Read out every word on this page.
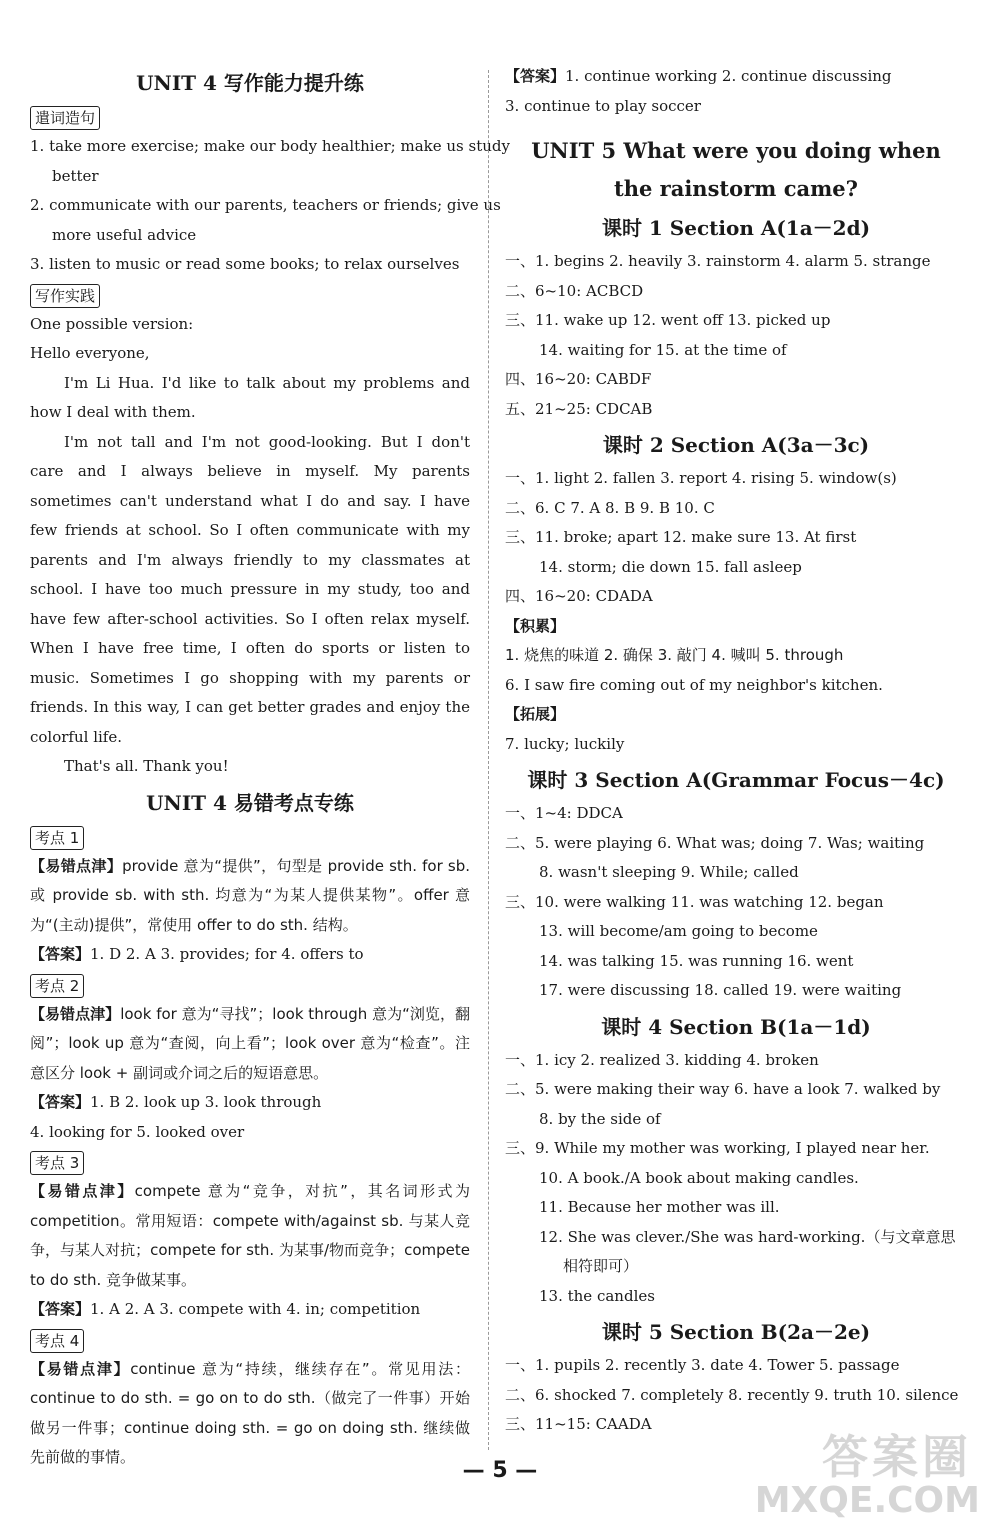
UNIT 4 写作能力提升练
遣词造句
1. take more exercise; make our body healthier; make us study
better
2. communicate with our parents, teachers or friends; give us
more useful advice
3. listen to music or read some books; to relax ourselves
写作实践
One possible version:
Hello everyone,
I'm Li Hua. I'd like to talk about my problems and how I deal with them.
I'm not tall and I'm not good-looking. But I don't care and I always believe in myself. My parents sometimes can't understand what I do and say. I have few friends at school. So I often communicate with my parents and I'm always friendly to my classmates at school. I have too much pressure in my study, too and have few after-school activities. So I often relax myself. When I have free time, I often do sports or listen to music. Sometimes I go shopping with my parents or friends. In this way, I can get better grades and enjoy the colorful life.
That's all. Thank you!
UNIT 4 易错考点专练
考点 1
【易错点津】provide 意为“提供”，句型是 provide sth. for sb. 或 provide sb. with sth. 均意为“为某人提供某物”。offer 意为“(主动)提供”，常使用 offer to do sth. 结构。
【答案】1. D 2. A 3. provides; for 4. offers to
考点 2
【易错点津】look for 意为“寻找”；look through 意为“浏览，翻阅”；look up 意为“查阅，向上看”；look over 意为“检查”。注意区分 look + 副词或介词之后的短语意思。
【答案】1. B 2. look up 3. look through
4. looking for 5. looked over
考点 3
【易错点津】compete 意为“竞争，对抗”，其名词形式为 competition。常用短语：compete with/against sb. 与某人竞争，与某人对抗；compete for sth. 为某事/物而竞争；compete to do sth. 竞争做某事。
【答案】1. A 2. A 3. compete with 4. in; competition
考点 4
【易错点津】continue 意为“持续，继续存在”。常见用法：continue to do sth. = go on to do sth.（做完了一件事）开始做另一件事；continue doing sth. = go on doing sth. 继续做先前做的事情。
【答案】1. continue working 2. continue discussing
3. continue to play soccer
UNIT 5 What were you doing when
the rainstorm came?
课时 1 Section A(1a－2d)
一、1. begins 2. heavily 3. rainstorm 4. alarm 5. strange
二、6~10: ACBCD
三、11. wake up 12. went off 13. picked up
14. waiting for 15. at the time of
四、16~20: CABDF
五、21~25: CDCAB
课时 2 Section A(3a－3c)
一、1. light 2. fallen 3. report 4. rising 5. window(s)
二、6. C 7. A 8. B 9. B 10. C
三、11. broke; apart 12. make sure 13. At first
14. storm; die down 15. fall asleep
四、16~20: CDADA
【积累】
1. 烧焦的味道 2. 确保 3. 敲门 4. 喊叫 5. through
6. I saw fire coming out of my neighbor's kitchen.
【拓展】
7. lucky; luckily
课时 3 Section A(Grammar Focus－4c)
一、1~4: DDCA
二、5. were playing 6. What was; doing 7. Was; waiting
8. wasn't sleeping 9. While; called
三、10. were walking 11. was watching 12. began
13. will become/am going to become
14. was talking 15. was running 16. went
17. were discussing 18. called 19. were waiting
课时 4 Section B(1a－1d)
一、1. icy 2. realized 3. kidding 4. broken
二、5. were making their way 6. have a look 7. walked by
8. by the side of
三、9. While my mother was working, I played near her.
10. A book./A book about making candles.
11. Because her mother was ill.
12. She was clever./She was hard-working.（与文章意思
相符即可）
13. the candles
课时 5 Section B(2a－2e)
一、1. pupils 2. recently 3. date 4. Tower 5. passage
二、6. shocked 7. completely 8. recently 9. truth 10. silence
三、11~15: CAADA
— 5 —	答案圈
MXQE.COM
